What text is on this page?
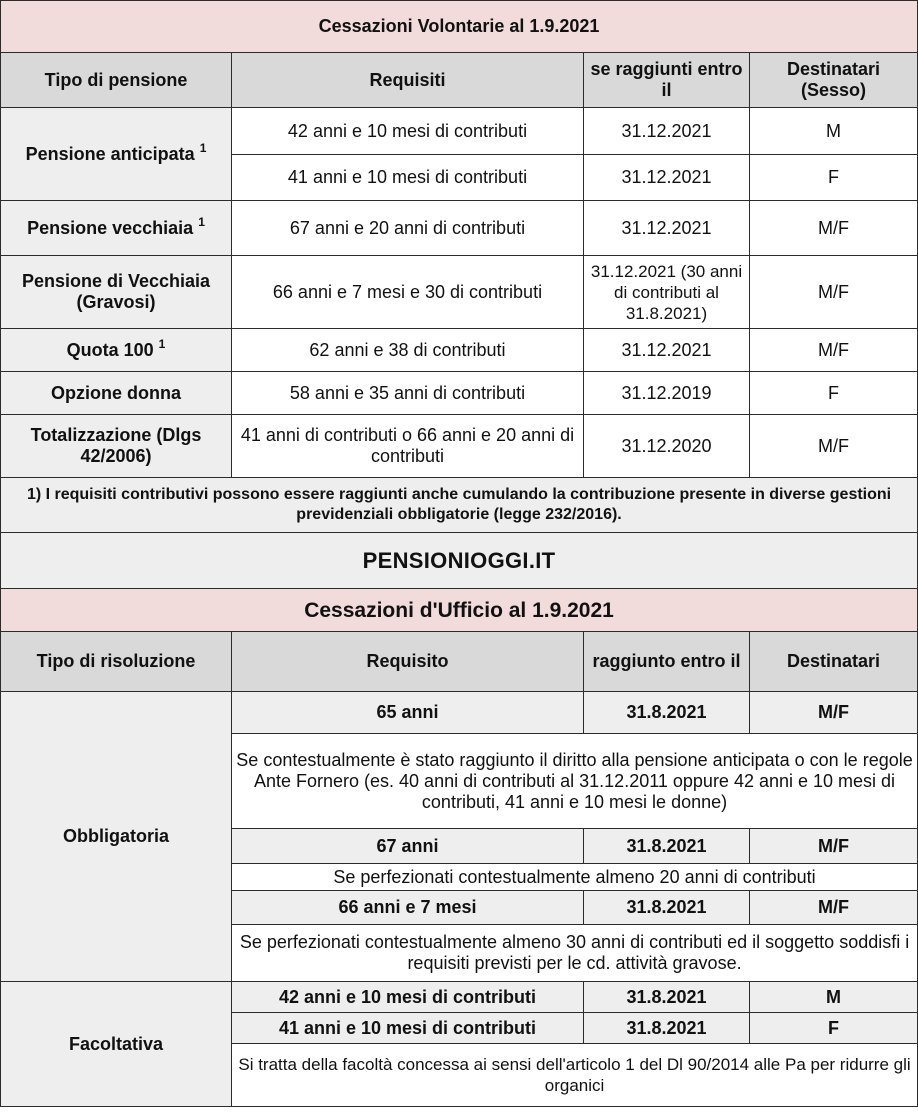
Cessazioni Volontarie al 1.9.2021			
Tipo di pensione	Requisiti	se raggiunti entro il	Destinatari (Sesso)
Pensione anticipata $^1$	42 anni e 10 mesi di contributi	31.12.2021	M
	41 anni e 10 mesi di contributi	31.12.2021	F
Pensione vecchiaia $^1$	67 anni e 20 anni di contributi	31.12.2021	M/F
Pensione di Vecchiaia (Gravosi)	66 anni e 7 mesi e 30 di contributi	31.12.2021 (30 anni di contributi al 31.8.2021)	M/F
Quota 100 $^1$	62 anni e 38 di contributi	31.12.2021	M/F
Opzione donna	58 anni e 35 anni di contributi	31.12.2019	F
Totalizzazione (Dlgs 42/2006)	41 anni di contributi o 66 anni e 20 anni di contributi	31.12.2020	M/F
1) I requisiti contributivi possono essere raggiunti anche cumulando la contribuzione presente in diverse gestioni previdenziali obbligatorie (legge 232/2016).			
PENSIONIOGGI.IT			
Cessazioni d'Ufficio al 1.9.2021			
Tipo di risoluzione	Requisito	raggiunto entro il	Destinatari
Obbligatoria	65 anni	31.8.2021	M/F
	Se contestualmente è stato raggiunto il diritto alla pensione anticipata o con le regole Ante Fornero (es. 40 anni di contributi al 31.12.2011 oppure 42 anni e 10 mesi di contributi, 41 anni e 10 mesi le donne)		
	67 anni	31.8.2021	M/F
	Se perfezionati contestualmente almeno 20 anni di contributi		
	66 anni e 7 mesi	31.8.2021	M/F
	Se perfezionati contestualmente almeno 30 anni di contributi ed il soggetto soddisfi i requisiti previsti per le cd. attività gravose.		
Facoltativa	42 anni e 10 mesi di contributi	31.8.2021	M
	41 anni e 10 mesi di contributi	31.8.2021	F
	Si tratta della facoltà concessa ai sensi dell'articolo 1 del Dl 90/2014 alle Pa per ridurre gli organici		
